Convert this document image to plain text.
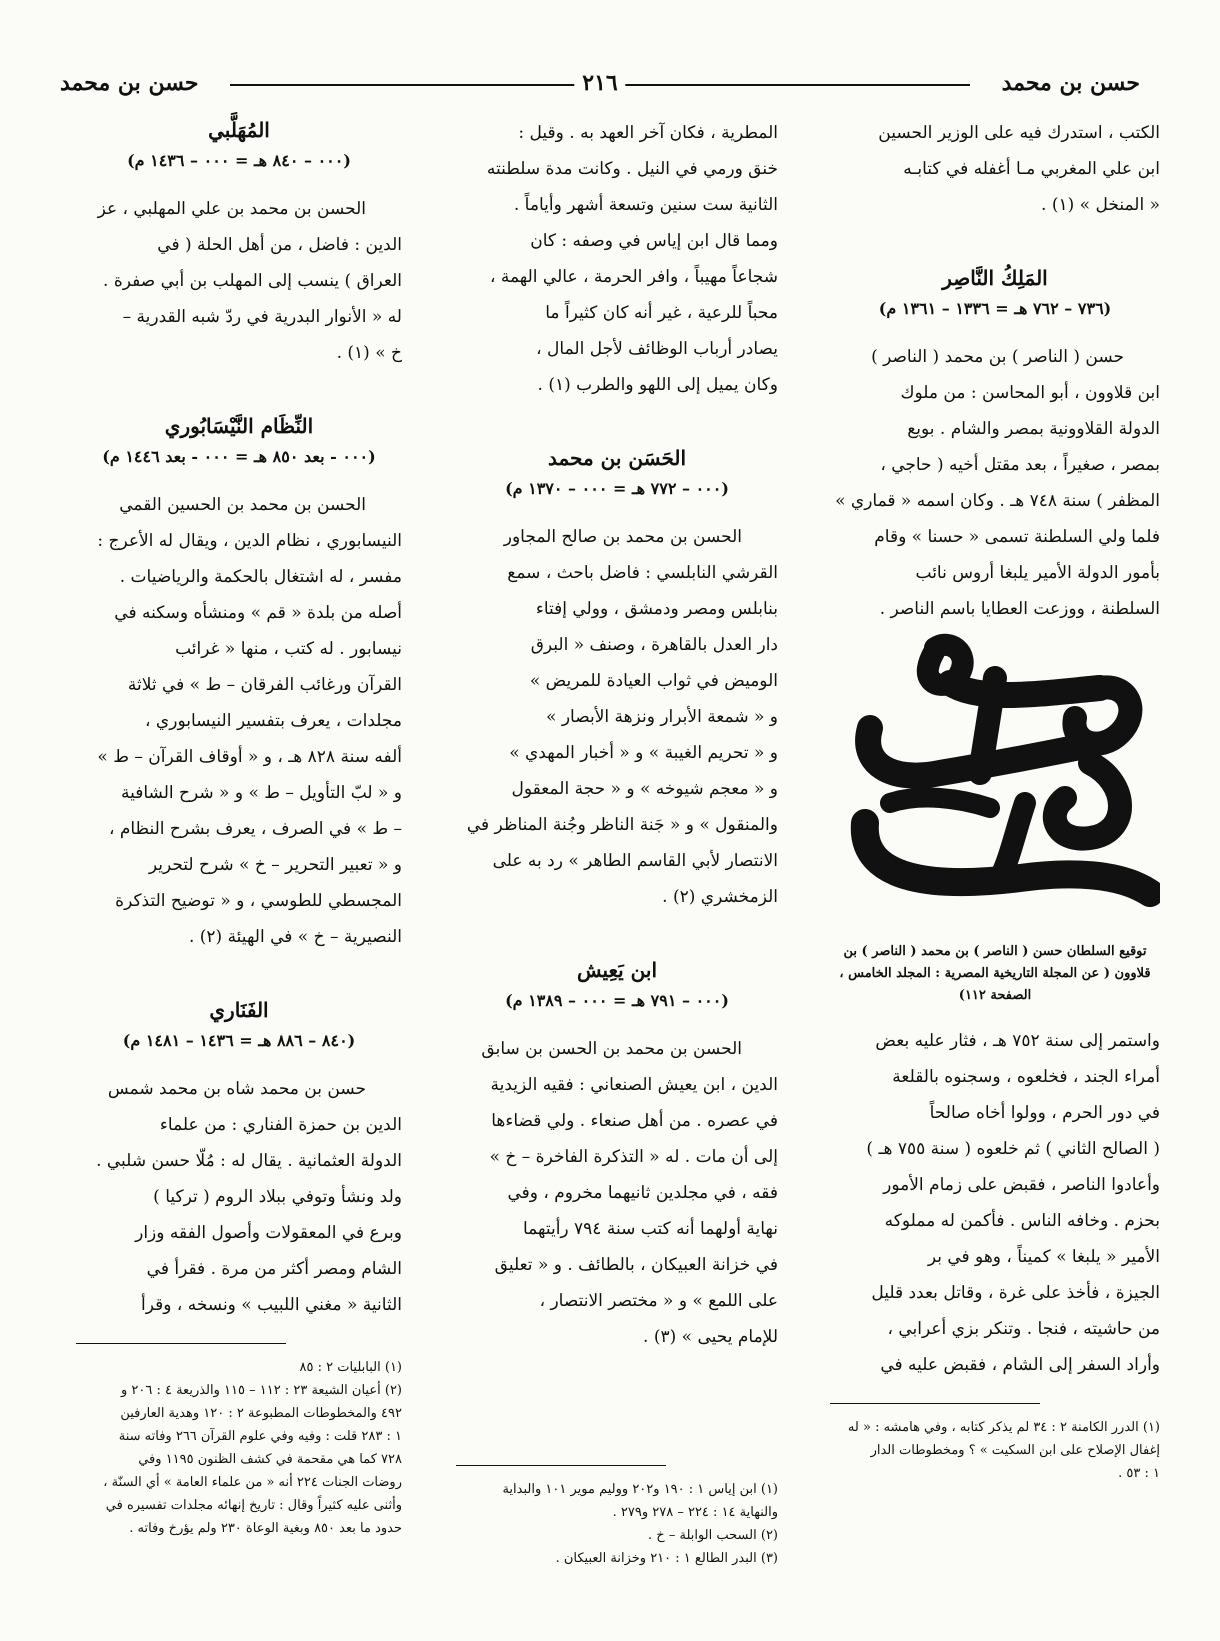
حسن بن محمد
٢١٦
حسن بن محمد

الكتب ، استدرك فيه على الوزير الحسين

ابن علي المغربي مـا أغفله في كتابـه

« المنخل » (١) .

المَلِكُ النَّاصِر

(٧٣٦ – ٧٦٢ هـ = ١٣٣٦ – ١٣٦١ م)

حسن ( الناصر ) بن محمد ( الناصر )

ابن قلاوون ، أبو المحاسن : من ملوك

الدولة القلاوونية بمصر والشام . بويع

بمصر ، صغيراً ، بعد مقتل أخيه ( حاجي ،

المظفر ) سنة ٧٤٨ هـ . وكان اسمه « قماري »

فلما ولي السلطنة تسمى « حسنا » وقام

بأمور الدولة الأمير يلبغا أروس نائب

السلطنة ، ووزعت العطايا باسم الناصر .

توقيع السلطان حسن ( الناصر ) بن محمد ( الناصر ) بن قلاوون ( عن المجلة التاريخية المصرية : المجلد الخامس ، الصفحة ١١٢)

واستمر إلى سنة ٧٥٢ هـ ، فثار عليه بعض

أمراء الجند ، فخلعوه ، وسجنوه بالقلعة

في دور الحرم ، وولوا أخاه صالحاً

( الصالح الثاني ) ثم خلعوه ( سنة ٧٥٥ هـ )

وأعادوا الناصر ، فقبض على زمام الأمور

بحزم . وخافه الناس . فأكمن له مملوكه

الأمير « يلبغا » كميناً ، وهو في بر

الجيزة ، فأخذ على غرة ، وقاتل بعدد قليل

من حاشيته ، فنجا . وتنكر بزي أعرابي ،

وأراد السفر إلى الشام ، فقبض عليه في

(١) الدرر الكامنة ٢ : ٣٤ لم يذكر كتابه ، وفي هامشه : « له

إغفال الإصلاح على ابن السكيت » ؟ ومخطوطات الدار

١ : ٥٣ .

المطرية ، فكان آخر العهد به . وقيل :

خنق ورمي في النيل . وكانت مدة سلطنته

الثانية ست سنين وتسعة أشهر وأياماً .

ومما قال ابن إياس في وصفه : كان

شجاعاً مهيباً ، وافر الحرمة ، عالي الهمة ،

محباً للرعية ، غير أنه كان كثيراً ما

يصادر أرباب الوظائف لأجل المال ،

وكان يميل إلى اللهو والطرب (١) .

الحَسَن بن محمد

(٠٠٠ – ٧٧٢ هـ = ٠٠٠ – ١٣٧٠ م)

الحسن بن محمد بن صالح المجاور

القرشي النابلسي : فاضل باحث ، سمع

بنابلس ومصر ودمشق ، وولي إفتاء

دار العدل بالقاهرة ، وصنف « البرق

الوميض في ثواب العيادة للمريض »

و « شمعة الأبرار ونزهة الأبصار »

و « تحريم الغيبة » و « أخبار المهدي »

و « معجم شيوخه » و « حجة المعقول

والمنقول » و « جَنة الناظر وجُنة المناظر في

الانتصار لأبي القاسم الطاهر » رد به على

الزمخشري (٢) .

ابن يَعِيش

(٠٠٠ – ٧٩١ هـ = ٠٠٠ – ١٣٨٩ م)

الحسن بن محمد بن الحسن بن سابق

الدين ، ابن يعيش الصنعاني : فقيه الزيدية

في عصره . من أهل صنعاء . ولي قضاءها

إلى أن مات . له « التذكرة الفاخرة – خ »

فقه ، في مجلدين ثانيهما مخروم ، وفي

نهاية أولهما أنه كتب سنة ٧٩٤ رأيتهما

في خزانة العبيكان ، بالطائف . و « تعليق

على اللمع » و « مختصر الانتصار ،

للإمام يحيى » (٣) .

(١) ابن إياس ١ : ١٩٠ و٢٠٢ ووليم موير ١٠١ والبداية

والنهاية ١٤ : ٢٢٤ – ٢٧٨ و٢٧٩ .

(٢) السحب الوابلة – خ .

(٣) البدر الطالع ١ : ٢١٠ وخزانة العبيكان .

المُهَلَّبي

(٠٠٠ – ٨٤٠ هـ = ٠٠٠ – ١٤٣٦ م)

الحسن بن محمد بن علي المهلبي ، عز

الدين : فاضل ، من أهل الحلة ( في

العراق ) ينسب إلى المهلب بن أبي صفرة .

له « الأنوار البدرية في ردّ شبه القدرية –

خ » (١) .

النِّظَام النَّيْسَابُوري

(٠٠٠ - بعد ٨٥٠ هـ = ٠٠٠ - بعد ١٤٤٦ م)

الحسن بن محمد بن الحسين القمي

النيسابوري ، نظام الدين ، ويقال له الأعرج :

مفسر ، له اشتغال بالحكمة والرياضيات .

أصله من بلدة « قم » ومنشأه وسكنه في

نيسابور . له كتب ، منها « غرائب

القرآن ورغائب الفرقان – ط » في ثلاثة

مجلدات ، يعرف بتفسير النيسابوري ،

ألفه سنة ٨٢٨ هـ ، و « أوقاف القرآن – ط »

و « لبّ التأويل – ط » و « شرح الشافية

– ط » في الصرف ، يعرف بشرح النظام ،

و « تعبير التحرير – خ » شرح لتحرير

المجسطي للطوسي ، و « توضيح التذكرة

النصيرية – خ » في الهيئة (٢) .

الفَنَاري

(٨٤٠ – ٨٨٦ هـ = ١٤٣٦ – ١٤٨١ م)

حسن بن محمد شاه بن محمد شمس

الدين بن حمزة الفناري : من علماء

الدولة العثمانية . يقال له : مُلّا حسن شلبي .

ولد ونشأ وتوفي ببلاد الروم ( تركيا )

وبرع في المعقولات وأصول الفقه وزار

الشام ومصر أكثر من مرة . فقرأ في

الثانية « مغني اللبيب » ونسخه ، وقرأ

(١) البابليات ٢ : ٨٥

(٢) أعيان الشيعة ٢٣ : ١١٢ – ١١٥ والذريعة ٤ : ٢٠٦ و

٤٩٢ والمخطوطات المطبوعة ٢ : ١٢٠ وهدية العارفين

١ : ٢٨٣ قلت : وفيه وفي علوم القرآن ٢٦٦ وفاته سنة

٧٢٨ كما هي مقحمة في كشف الظنون ١١٩٥ وفي

روضات الجنات ٢٢٤ أنه « من علماء العامة » أي السنّة ،

وأثنى عليه كثيراً وقال : تاريخ إنهائه مجلدات تفسيره في

حدود ما بعد ٨٥٠ وبغية الوعاة ٢٣٠ ولم يؤرخ وفاته .
